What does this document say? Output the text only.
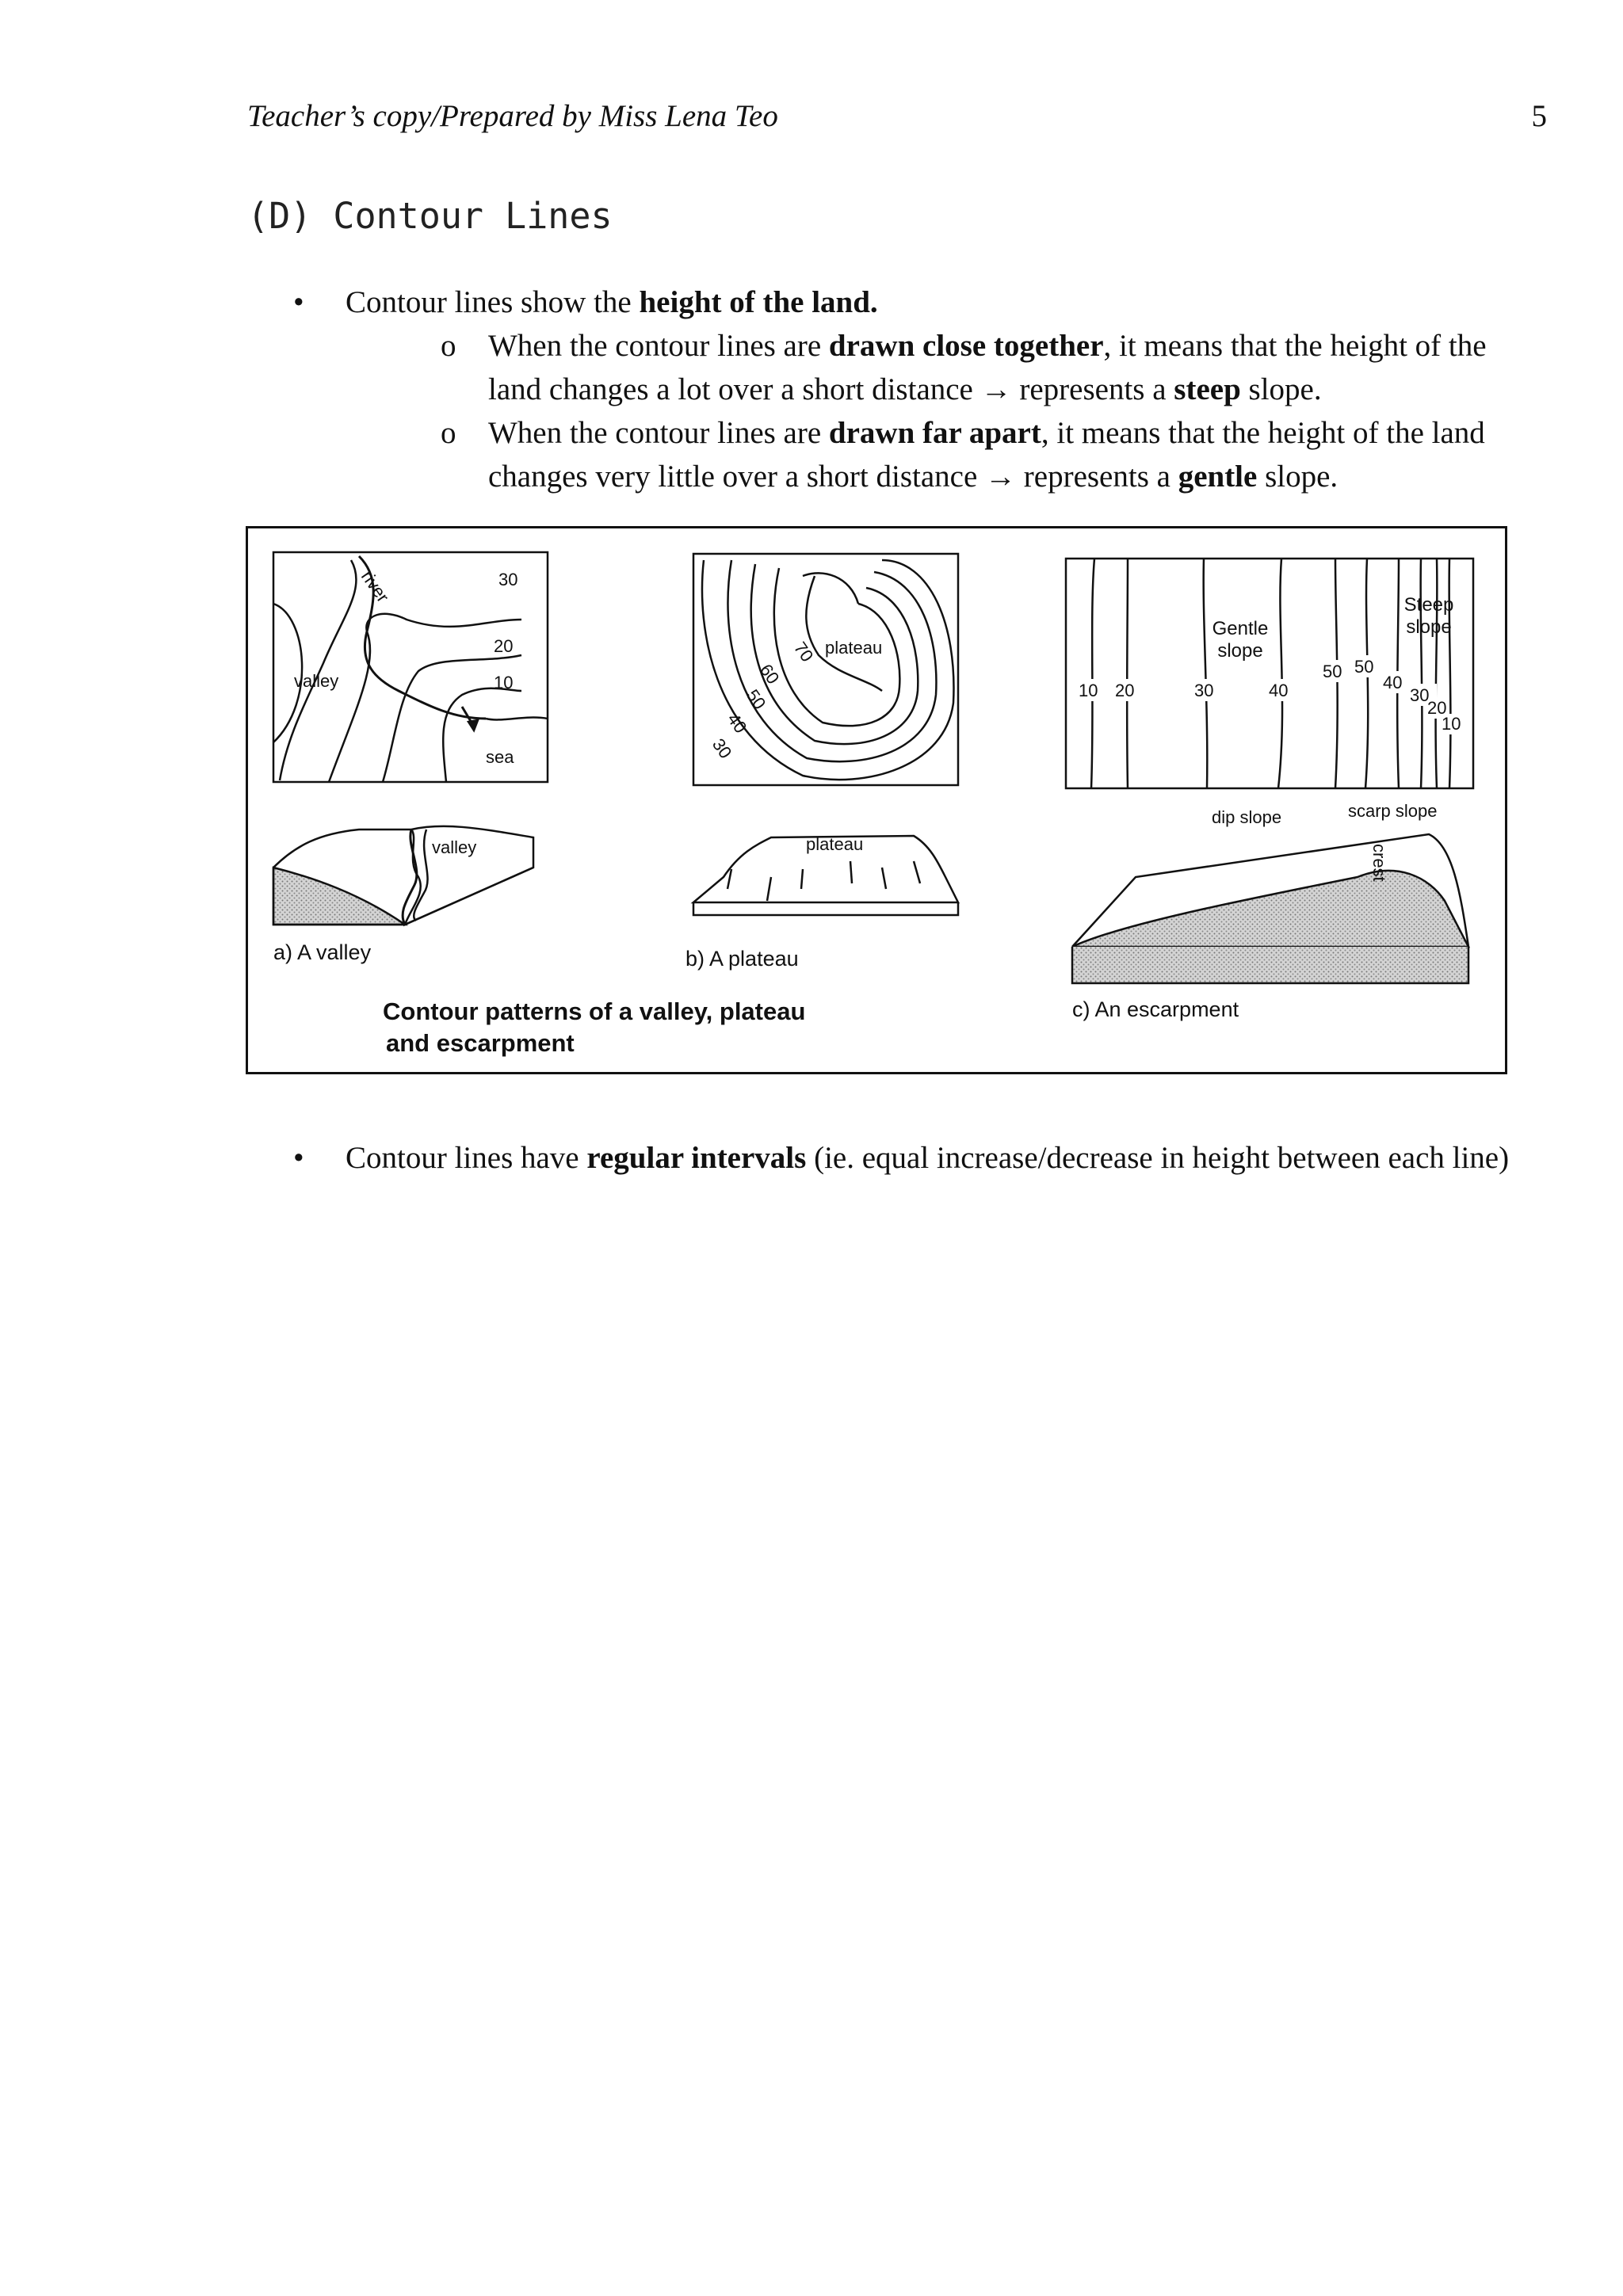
Teacher’s copy/Prepared by Miss Lena Teo	5
(D) Contour Lines
• Contour lines show the height of the land.
o When the contour lines are drawn close together, it means that the height of the land changes a lot over a short distance → represents a steep slope.
o When the contour lines are drawn far apart, it means that the height of the land changes very little over a short distance → represents a gentle slope.
river
valley
sea
30
20
10
plateau
70
60
50
40
30
Gentle
slope
Steep
slope
10 20	30	40
50 50
40
30
20
10
valley	plateau
dip slope	scarp slope
crest
a) A valley	b) A plateau
c) An escarpment
Contour patterns of a valley, plateau
and escarpment
• Contour lines have regular intervals (ie. equal increase/decrease in height between each line)
